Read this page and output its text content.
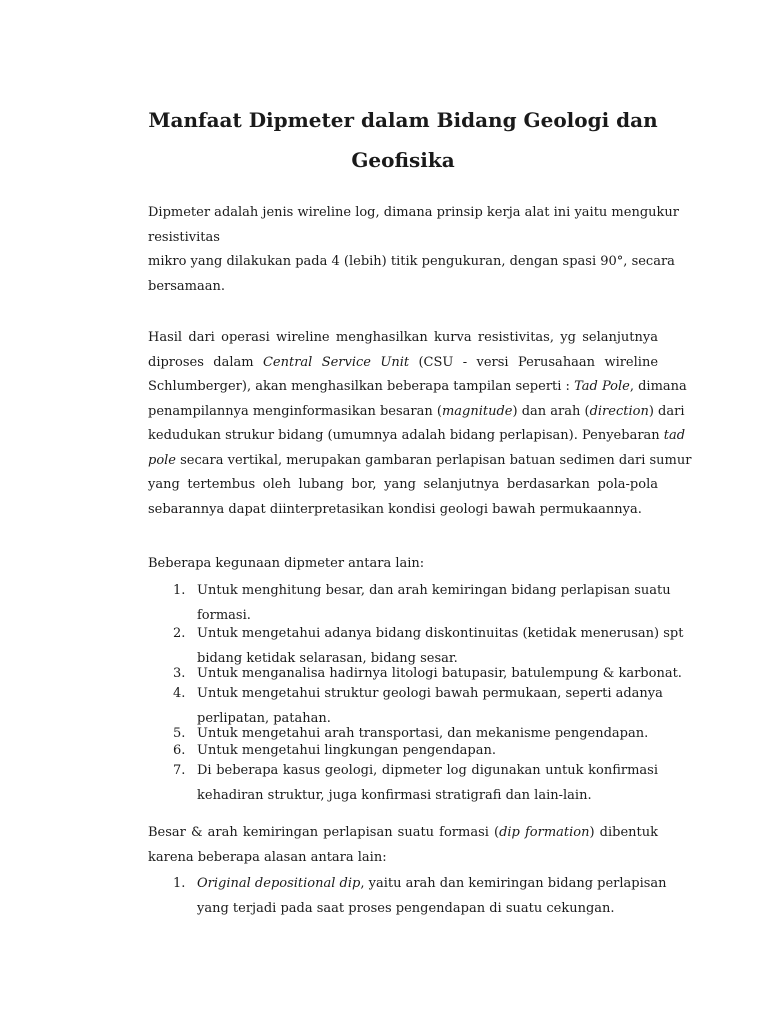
Manfaat Dipmeter dalam Bidang Geologi dan
Geofisika

Dipmeter adalah jenis wireline log, dimana prinsip kerja alat ini yaitu mengukur
resistivitas
mikro yang dilakukan pada 4 (lebih) titik pengukuran, dengan spasi 90°, secara
bersamaan.

Hasil dari operasi wireline menghasilkan kurva resistivitas, yg selanjutnya
diproses dalam Central Service Unit (CSU - versi Perusahaan wireline
Schlumberger), akan menghasilkan beberapa tampilan seperti : Tad Pole, dimana
penampilannya menginformasikan besaran (magnitude) dan arah (direction) dari
kedudukan strukur bidang (umumnya adalah bidang perlapisan). Penyebaran tad
pole secara vertikal, merupakan gambaran perlapisan batuan sedimen dari sumur
yang tertembus oleh lubang bor, yang selanjutnya berdasarkan pola-pola
sebarannya dapat diinterpretasikan kondisi geologi bawah permukaannya.

Beberapa kegunaan dipmeter antara lain:

1. Untuk menghitung besar, dan arah kemiringan bidang perlapisan suatu
formasi.
2. Untuk mengetahui adanya bidang diskontinuitas (ketidak menerusan) spt
bidang ketidak selarasan, bidang sesar.
3. Untuk menganalisa hadirnya litologi batupasir, batulempung & karbonat.
4. Untuk mengetahui struktur geologi bawah permukaan, seperti adanya
perlipatan, patahan.
5. Untuk mengetahui arah transportasi, dan mekanisme pengendapan.
6. Untuk mengetahui lingkungan pengendapan.
7. Di beberapa kasus geologi, dipmeter log digunakan untuk konfirmasi
kehadiran struktur, juga konfirmasi stratigrafi dan lain-lain.

Besar & arah kemiringan perlapisan suatu formasi (dip formation) dibentuk
karena beberapa alasan antara lain:

1. Original depositional dip, yaitu arah dan kemiringan bidang perlapisan
yang terjadi pada saat proses pengendapan di suatu cekungan.
